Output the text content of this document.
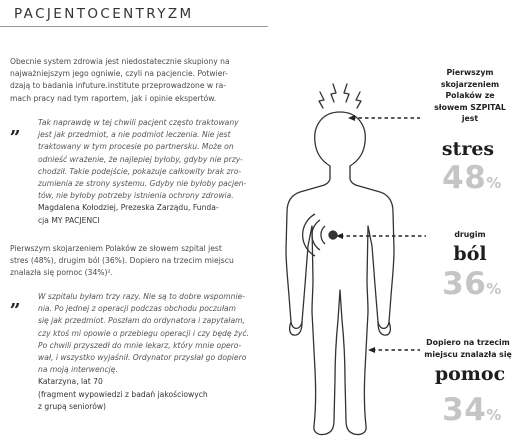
PACJENTOCENTRYZM
Obecnie system zdrowia jest niedostatecznie skupiony na
najważniejszym jego ogniwie, czyli na pacjencie. Potwier-
dzają to badania infuture.institute przeprowadzone w ra-
mach pracy nad tym raportem, jak i opinie ekspertów.
„ Tak naprawdę w tej chwili pacjent często traktowany
jest jak przedmiot, a nie podmiot leczenia. Nie jest
traktowany w tym procesie po partnersku. Może on
odnieść wrażenie, że najlepiej byłoby, gdyby nie przy-
chodził. Takie podejście, pokazuje całkowity brak zro-
zumienia ze strony systemu. Gdyby nie byłoby pacjen-
tów, nie byłoby potrzeby istnienia ochrony zdrowia.
Magdalena Kołodziej, Prezeska Zarządu, Funda-
cja MY PACJENCI
Pierwszym skojarzeniem Polaków ze słowem szpital jest
stres (48%), drugim ból (36%). Dopiero na trzecim miejscu
znalazła się pomoc (34%)².
„ W szpitalu byłam trzy razy. Nie są to dobre wspomnie-
nia. Po jednej z operacji podczas obchodu poczułam
się jak przedmiot. Poszłam do ordynatora i zapytałam,
czy ktoś mi opowie o przebiegu operacji i czy będę żyć.
Po chwili przyszedł do mnie lekarz, który mnie opero-
wał, i wszystko wyjaśnił. Ordynator przysłał go dopiero
na moją interwencję.
Katarzyna, lat 70
(fragment wypowiedzi z badań jakościowych
z grupą seniorów)
Pierwszym
skojarzeniem
Polaków ze
słowem SZPITAL
jest
stres
48%
drugim
ból
36%
Dopiero na trzecim
miejscu znalazła się
pomoc
34%
